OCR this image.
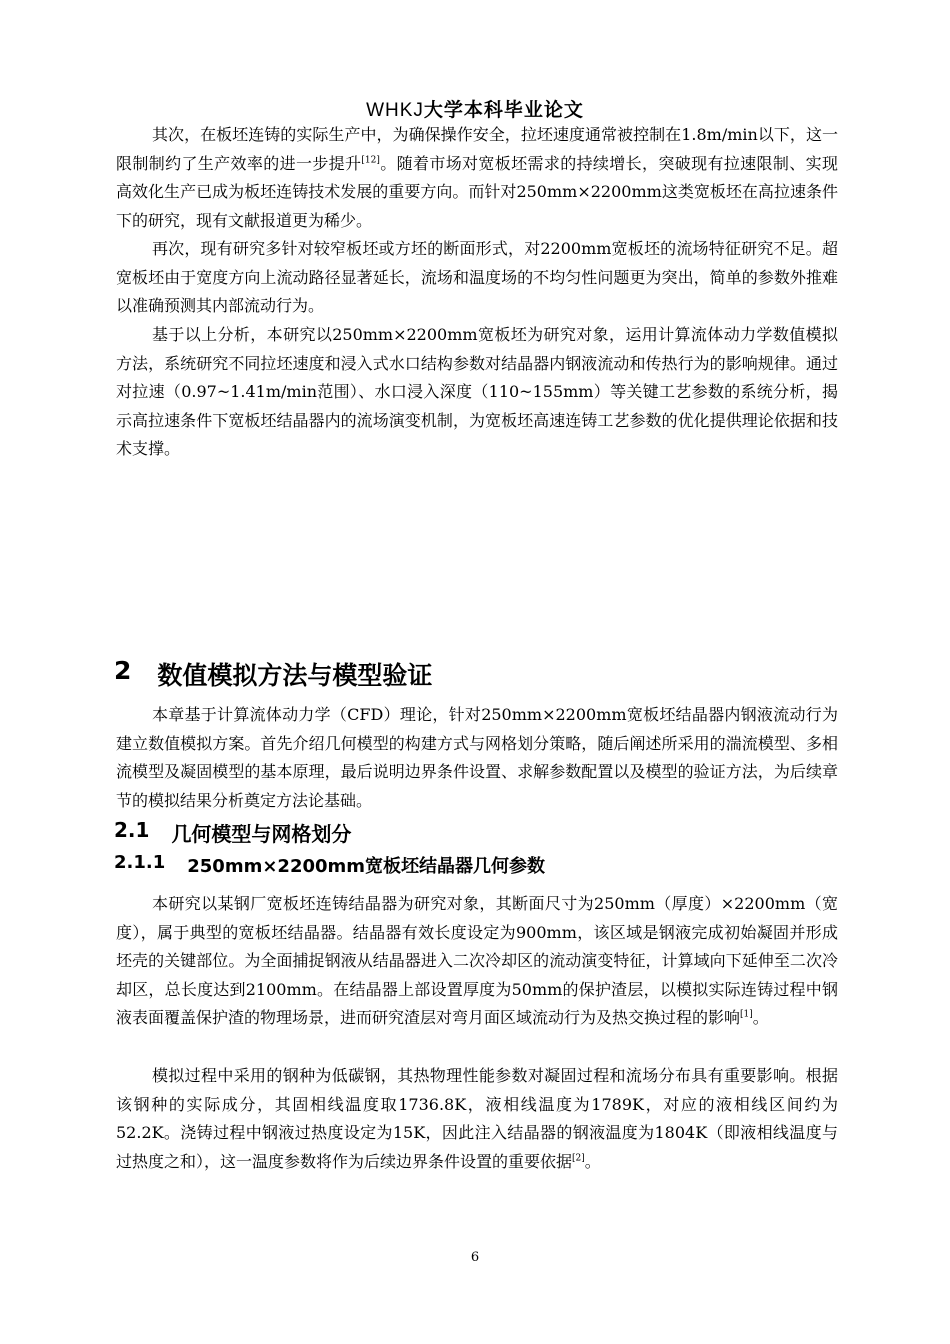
WHKJ大学本科毕业论文

其次，在板坯连铸的实际生产中，为确保操作安全，拉坯速度通常被控制在1.8m/min以下，这一限制制约了生产效率的进一步提升[12]。随着市场对宽板坯需求的持续增长，突破现有拉速限制、实现高效化生产已成为板坯连铸技术发展的重要方向。而针对250mm×2200mm这类宽板坯在高拉速条件下的研究，现有文献报道更为稀少。

再次，现有研究多针对较窄板坯或方坯的断面形式，对2200mm宽板坯的流场特征研究不足。超宽板坯由于宽度方向上流动路径显著延长，流场和温度场的不均匀性问题更为突出，简单的参数外推难以准确预测其内部流动行为。

基于以上分析，本研究以250mm×2200mm宽板坯为研究对象，运用计算流体动力学数值模拟方法，系统研究不同拉坯速度和浸入式水口结构参数对结晶器内钢液流动和传热行为的影响规律。通过对拉速（0.97~1.41m/min范围）、水口浸入深度（110~155mm）等关键工艺参数的系统分析，揭示高拉速条件下宽板坯结晶器内的流场演变机制，为宽板坯高速连铸工艺参数的优化提供理论依据和技术支撑。

2 数值模拟方法与模型验证

本章基于计算流体动力学（CFD）理论，针对250mm×2200mm宽板坯结晶器内钢液流动行为建立数值模拟方案。首先介绍几何模型的构建方式与网格划分策略，随后阐述所采用的湍流模型、多相流模型及凝固模型的基本原理，最后说明边界条件设置、求解参数配置以及模型的验证方法，为后续章节的模拟结果分析奠定方法论基础。

2.1 几何模型与网格划分
2.1.1 250mm×2200mm宽板坯结晶器几何参数

本研究以某钢厂宽板坯连铸结晶器为研究对象，其断面尺寸为250mm（厚度）×2200mm（宽度），属于典型的宽板坯结晶器。结晶器有效长度设定为900mm，该区域是钢液完成初始凝固并形成坯壳的关键部位。为全面捕捉钢液从结晶器进入二次冷却区的流动演变特征，计算域向下延伸至二次冷却区，总长度达到2100mm。在结晶器上部设置厚度为50mm的保护渣层，以模拟实际连铸过程中钢液表面覆盖保护渣的物理场景，进而研究渣层对弯月面区域流动行为及热交换过程的影响[1]。

模拟过程中采用的钢种为低碳钢，其热物理性能参数对凝固过程和流场分布具有重要影响。根据该钢种的实际成分，其固相线温度取1736.8K，液相线温度为1789K，对应的液相线区间约为52.2K。浇铸过程中钢液过热度设定为15K，因此注入结晶器的钢液温度为1804K（即液相线温度与过热度之和），这一温度参数将作为后续边界条件设置的重要依据[2]。

6
